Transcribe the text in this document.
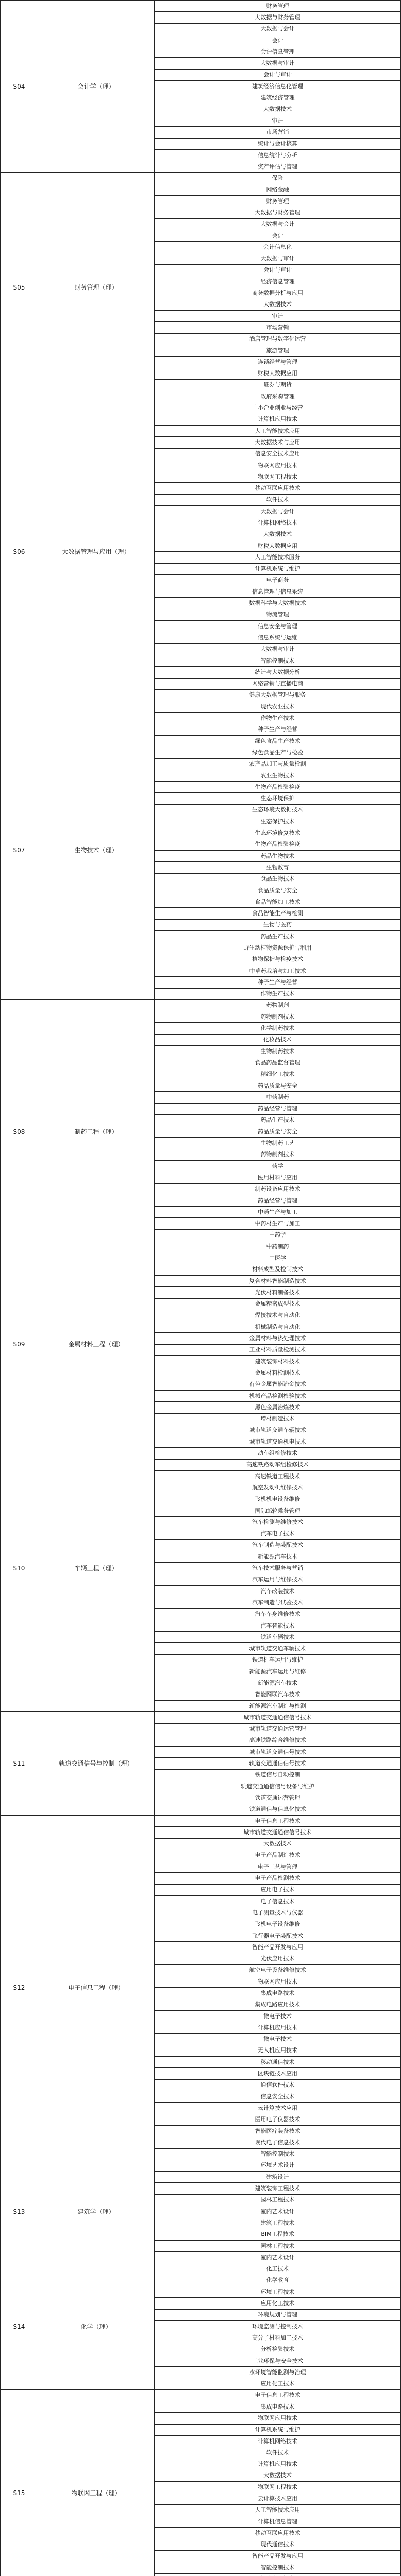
S04	会计学（理）	财务管理
		大数据与财务管理
		大数据与会计
		会计
		会计信息管理
		大数据与审计
		会计与审计
		建筑经济信息化管理
		建筑经济管理
		大数据技术
		审计
		市场营销
		统计与会计核算
		信息统计与分析
		资产评估与管理
S05	财务管理（理）	保险
		网络金融
		财务管理
		大数据与财务管理
		大数据与会计
		会计
		会计信息化
		大数据与审计
		会计与审计
		经济信息管理
		商务数据分析与应用
		大数据技术
		审计
		市场营销
		酒店管理与数字化运营
		旅游管理
		连锁经营与管理
		财税大数据应用
		证券与期货
		政府采购管理
S06	大数据管理与应用（理）	中小企业创业与经营
		计算机应用技术
		人工智能技术应用
		大数据技术与应用
		信息安全技术应用
		物联网应用技术
		物联网工程技术
		移动互联应用技术
		软件技术
		大数据与会计
		计算机网络技术
		大数据技术
		财税大数据应用
		人工智能技术服务
		计算机系统与维护
		电子商务
		信息管理与信息系统
		数据科学与大数据技术
		物流管理
		信息安全与管理
		信息系统与运维
		大数据与审计
		智能控制技术
		统计与大数据分析
		网络营销与直播电商
		健康大数据管理与服务
S07	生物技术（理）	现代农业技术
		作物生产技术
		种子生产与经营
		绿色食品生产技术
		绿色食品生产与检验
		农产品加工与质量检测
		农业生物技术
		生物产品检验检疫
		生态环境保护
		生态环境大数据技术
		生态保护技术
		生态环境修复技术
		生物产品检验检疫
		药品生物技术
		生物教育
		食品生物技术
		食品质量与安全
		食品智能加工技术
		食品智能生产与检测
		生物与医药
		药品生产技术
		野生动植物资源保护与利用
		植物保护与检疫技术
		中草药栽培与加工技术
		种子生产与经营
		作物生产技术
S08	制药工程（理）	药物制剂
		药物制剂技术
		化学制药技术
		化妆品技术
		生物制药技术
		食品药品监督管理
		精细化工技术
		药品质量与安全
		中药制药
		药品经营与管理
		药品生产技术
		药品质量与安全
		生物制药工艺
		药物制剂技术
		药学
		医用材料与应用
		制药设备应用技术
		药品经营与管理
		中药生产与加工
		中药材生产与加工
		中药学
		中药制药
		中医学
S09	金属材料工程（理）	材料成型及控制技术
		复合材料智能制造技术
		光伏材料制备技术
		金属精密成型技术
		焊接技术与自动化
		机械制造与自动化
		金属材料与热处理技术
		工业材料质量检测技术
		建筑装饰材料技术
		金属材料检测技术
		有色金属智能冶金技术
		机械产品检测检验技术
		黑色金属冶炼技术
		增材制造技术
S10	车辆工程（理）	城市轨道交通车辆技术
		城市轨道交通机电技术
		动车组检修技术
		高速铁路动车组检修技术
		高速铁道工程技术
		航空发动机维修技术
		飞机机电设备维修
		国际邮轮乘务管理
		汽车检测与维修技术
		汽车电子技术
		汽车制造与装配技术
		新能源汽车技术
		汽车技术服务与营销
		汽车运用与维修技术
		汽车改装技术
		汽车制造与试验技术
		汽车车身维修技术
		汽车智能技术
		铁道车辆技术
		城市轨道交通车辆技术
		铁道机车运用与维护
		新能源汽车运用与维修
		新能源汽车技术
		智能网联汽车技术
		新能源汽车制造与检测
S11	轨道交通信号与控制（理）	城市轨道交通通信信号技术
		城市轨道交通运营管理
		高速铁路综合维修技术
		城市轨道交通信号技术
		轨道交通通信信号技术
		铁道信号自动控制
		轨道交通通信信号设备与维护
		铁道交通运营管理
		铁道通信与信息化技术
S12	电子信息工程（理）	电子信息工程技术
		城市轨道交通通信信号技术
		大数据技术
		电子产品制造技术
		电子工艺与管理
		电子产品检测技术
		应用电子技术
		电子信息技术
		电子测量技术与仪器
		飞机电子设备维修
		飞行器电子装配技术
		智能产品开发与应用
		光伏应用技术
		航空电子设备维修技术
		物联网应用技术
		集成电路技术
		集成电路应用技术
		微电子技术
		计算机应用技术
		微电子技术
		无人机应用技术
		移动通信技术
		区块链技术应用
		通信软件技术
		信息安全技术
		云计算技术应用
		医用电子仪器技术
		智能医疗装备技术
		现代电子信息技术
		智能控制技术
S13	建筑学（理）	环境艺术设计
		建筑设计
		建筑装饰工程技术
		园林工程技术
		室内艺术设计
		建筑工程技术
		BIM工程技术
		园林工程技术
		室内艺术设计
S14	化学（理）	化工技术
		化学教育
		环境工程技术
		应用化工技术
		环境规划与管理
		环境监测与控制技术
		高分子材料加工技术
		分析检验技术
		工业环保与安全技术
		水环境智能监测与治理
		应用化工技术
S15	物联网工程（理）	电子信息工程技术
		集成电路技术
		物联网应用技术
		计算机系统与维护
		计算机网络技术
		软件技术
		计算机应用技术
		大数据技术
		物联网工程技术
		云计算技术应用
		人工智能技术应用
		计算机信息管理
		移动互联应用技术
		现代通信技术
		智能产品开发与应用
		智能控制技术
